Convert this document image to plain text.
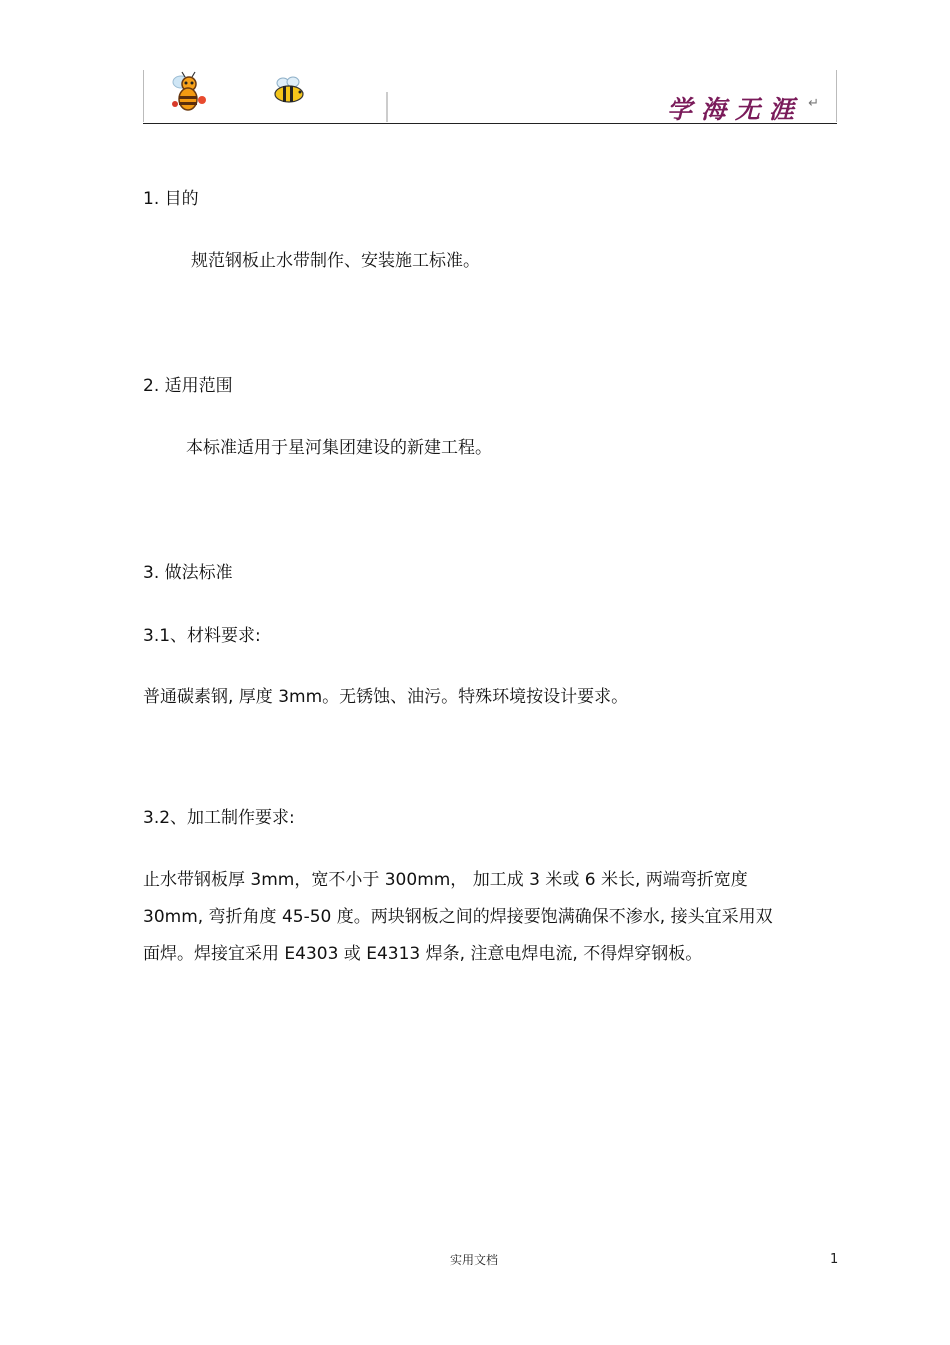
学海无涯 ↵
1. 目的
规范钢板止水带制作、安装施工标准。
2. 适用范围
本标准适用于星河集团建设的新建工程。
3. 做法标准
3.1、材料要求:
普通碳素钢, 厚度 3mm。无锈蚀、油污。特殊环境按设计要求。
3.2、加工制作要求:
止水带钢板厚 3mm，宽不小于 300mm， 加工成 3 米或 6 米长, 两端弯折宽度
30mm, 弯折角度 45-50 度。两块钢板之间的焊接要饱满确保不渗水, 接头宜采用双
面焊。焊接宜采用 E4303 或 E4313 焊条, 注意电焊电流, 不得焊穿钢板。
实用文档	1
